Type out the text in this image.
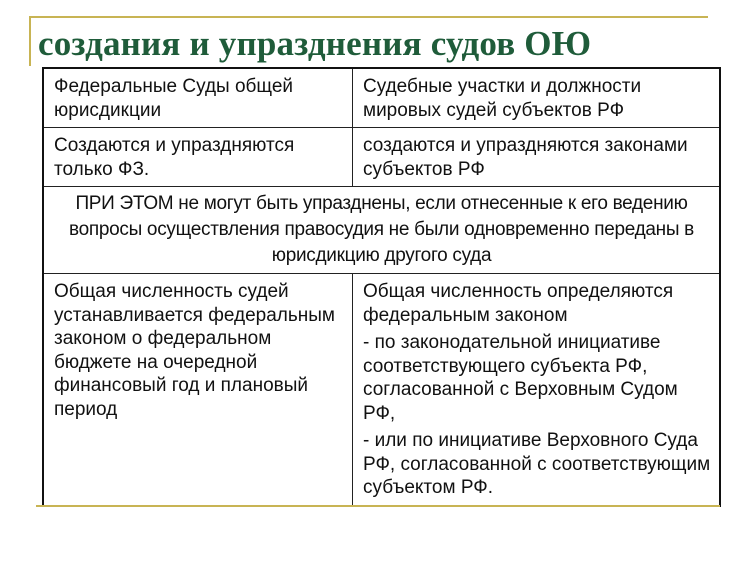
создания и упразднения судов ОЮ
Федеральные Суды общей юрисдикции	Судебные участки и должности мировых судей субъектов РФ
Создаются и упраздняются только ФЗ.	создаются и упраздняются законами субъектов РФ
ПРИ ЭТОМ не могут быть упразднены, если отнесенные к его ведению вопросы осуществления правосудия не были одновременно переданы в юрисдикцию другого суда	
Общая численность судей устанавливается федеральным законом о федеральном бюджете на очередной финансовый год и плановый период	Общая численность определяются федеральным законом

- по законодательной инициативе соответствующего субъекта РФ, согласованной с Верховным Судом РФ,

- или по инициативе Верховного Суда РФ, согласованной с соответствующим субъектом РФ.
